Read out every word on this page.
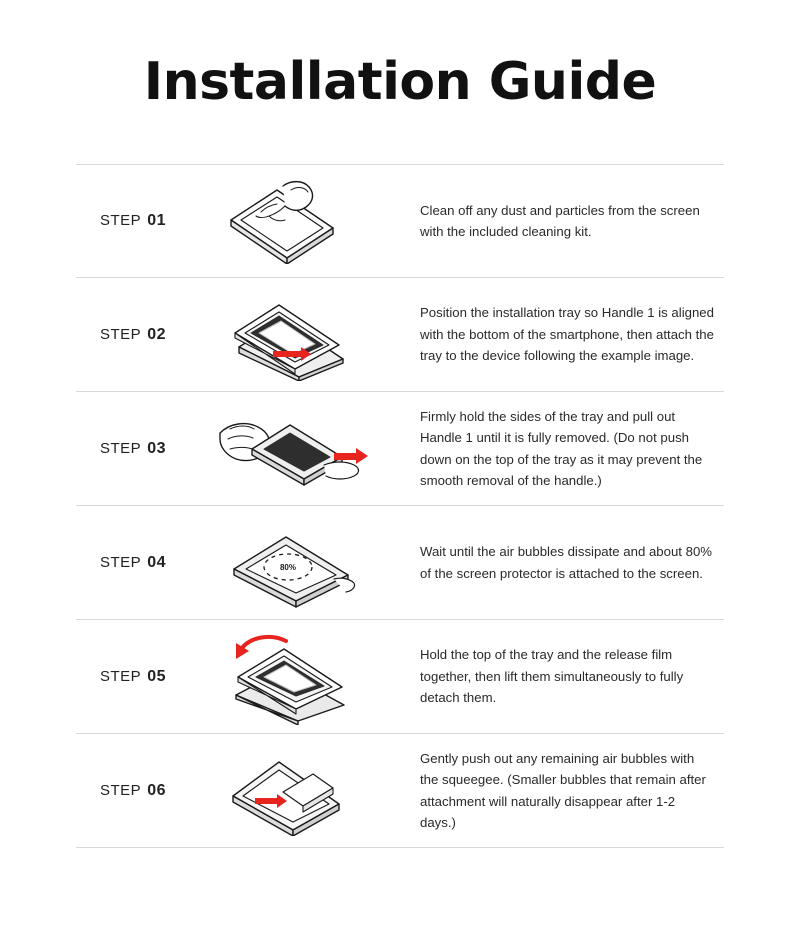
Installation Guide
STEP 01

Clean off any dust and particles from the screen with the included cleaning kit.

STEP 02

Position the installation tray so Handle 1 is aligned with the bottom of the smartphone, then attach the tray to the device following the example image.

STEP 03

Firmly hold the sides of the tray and pull out Handle 1 until it is fully removed. (Do not push down on the top of the tray as it may prevent the smooth removal of the handle.)

STEP 04	80%

Wait until the air bubbles dissipate and about 80% of the screen protector is attached to the screen.

STEP 05

Hold the top of the tray and the release film together, then lift them simultaneously to fully detach them.

STEP 06

Gently push out any remaining air bubbles with the squeegee. (Smaller bubbles that remain after attachment will naturally disappear after 1-2 days.)
